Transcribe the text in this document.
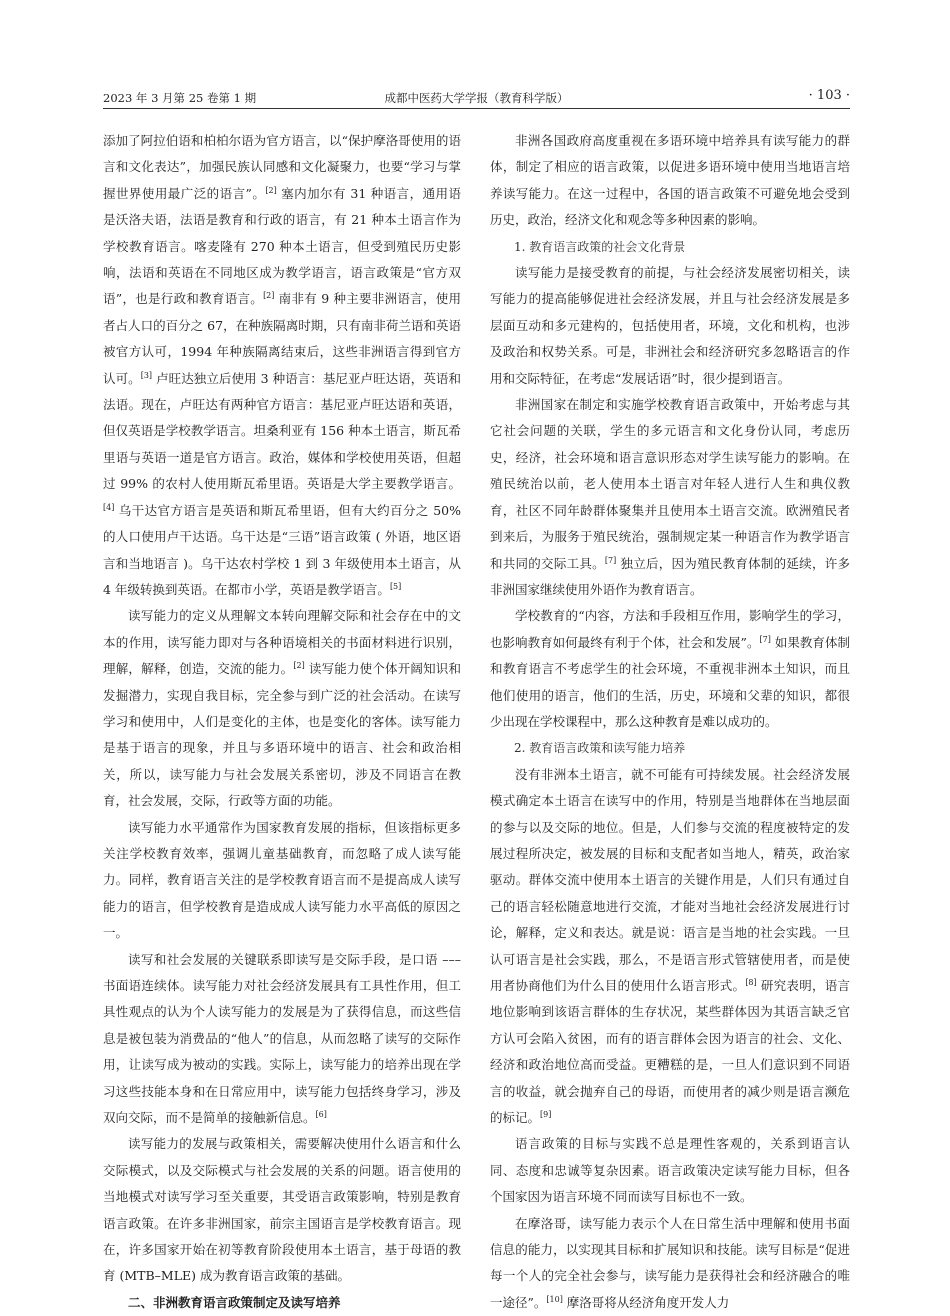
2023 年 3 月第 25 卷第 1 期	成都中医药大学学报（教育科学版）	· 103 ·

添加了阿拉伯语和柏柏尔语为官方语言，以“保护摩洛哥使用的语言和文化表达”，加强民族认同感和文化凝聚力，也要“学习与掌握世界使用最广泛的语言”。[2] 塞内加尔有 31 种语言，通用语是沃洛夫语，法语是教育和行政的语言，有 21 种本土语言作为学校教育语言。喀麦隆有 270 种本土语言，但受到殖民历史影响，法语和英语在不同地区成为教学语言，语言政策是“官方双语”，也是行政和教育语言。[2] 南非有 9 种主要非洲语言，使用者占人口的百分之 67，在种族隔离时期，只有南非荷兰语和英语被官方认可，1994 年种族隔离结束后，这些非洲语言得到官方认可。[3] 卢旺达独立后使用 3 种语言：基尼亚卢旺达语，英语和法语。现在，卢旺达有两种官方语言：基尼亚卢旺达语和英语，但仅英语是学校教学语言。坦桑利亚有 156 种本土语言，斯瓦希里语与英语一道是官方语言。政治，媒体和学校使用英语，但超过 99% 的农村人使用斯瓦希里语。英语是大学主要教学语言。[4] 乌干达官方语言是英语和斯瓦希里语，但有大约百分之 50% 的人口使用卢干达语。乌干达是“三语”语言政策 ( 外语，地区语言和当地语言 )。乌干达农村学校 1 到 3 年级使用本土语言，从 4 年级转换到英语。在都市小学，英语是教学语言。[5]

读写能力的定义从理解文本转向理解交际和社会存在中的文本的作用，读写能力即对与各种语境相关的书面材料进行识别，理解，解释，创造，交流的能力。[2] 读写能力使个体开阔知识和发掘潜力，实现自我目标，完全参与到广泛的社会活动。在读写学习和使用中，人们是变化的主体，也是变化的客体。读写能力是基于语言的现象，并且与多语环境中的语言、社会和政治相关，所以，读写能力与社会发展关系密切，涉及不同语言在教育，社会发展，交际，行政等方面的功能。

读写能力水平通常作为国家教育发展的指标，但该指标更多关注学校教育效率，强调儿童基础教育，而忽略了成人读写能力。同样，教育语言关注的是学校教育语言而不是提高成人读写能力的语言，但学校教育是造成成人读写能力水平高低的原因之一。

读写和社会发展的关键联系即读写是交际手段，是口语 ––– 书面语连续体。读写能力对社会经济发展具有工具性作用，但工具性观点的认为个人读写能力的发展是为了获得信息，而这些信息是被包装为消费品的“他人”的信息，从而忽略了读写的交际作用，让读写成为被动的实践。实际上，读写能力的培养出现在学习这些技能本身和在日常应用中，读写能力包括终身学习，涉及双向交际，而不是简单的接触新信息。[6]

读写能力的发展与政策相关，需要解决使用什么语言和什么交际模式，以及交际模式与社会发展的关系的问题。语言使用的当地模式对读写学习至关重要，其受语言政策影响，特别是教育语言政策。在许多非洲国家，前宗主国语言是学校教育语言。现在，许多国家开始在初等教育阶段使用本土语言，基于母语的教育 (MTB–MLE) 成为教育语言政策的基础。

二、非洲教育语言政策制定及读写培养

非洲各国政府高度重视在多语环境中培养具有读写能力的群体，制定了相应的语言政策，以促进多语环境中使用当地语言培养读写能力。在这一过程中，各国的语言政策不可避免地会受到历史，政治，经济文化和观念等多种因素的影响。

1. 教育语言政策的社会文化背景

读写能力是接受教育的前提，与社会经济发展密切相关，读写能力的提高能够促进社会经济发展，并且与社会经济发展是多层面互动和多元建构的，包括使用者，环境，文化和机构，也涉及政治和权势关系。可是，非洲社会和经济研究多忽略语言的作用和交际特征，在考虑“发展话语”时，很少提到语言。

非洲国家在制定和实施学校教育语言政策中，开始考虑与其它社会问题的关联，学生的多元语言和文化身份认同，考虑历史，经济，社会环境和语言意识形态对学生读写能力的影响。在殖民统治以前，老人使用本土语言对年轻人进行人生和典仪教育，社区不同年龄群体聚集并且使用本土语言交流。欧洲殖民者到来后，为服务于殖民统治，强制规定某一种语言作为教学语言和共同的交际工具。[7] 独立后，因为殖民教育体制的延续，许多非洲国家继续使用外语作为教育语言。

学校教育的“内容，方法和手段相互作用，影响学生的学习，也影响教育如何最终有利于个体，社会和发展”。[7] 如果教育体制和教育语言不考虑学生的社会环境，不重视非洲本土知识，而且他们使用的语言，他们的生活，历史，环境和父辈的知识，都很少出现在学校课程中，那么这种教育是难以成功的。

2. 教育语言政策和读写能力培养

没有非洲本土语言，就不可能有可持续发展。社会经济发展模式确定本土语言在读写中的作用，特别是当地群体在当地层面的参与以及交际的地位。但是，人们参与交流的程度被特定的发展过程所决定，被发展的目标和支配者如当地人，精英，政治家驱动。群体交流中使用本土语言的关键作用是，人们只有通过自己的语言轻松随意地进行交流，才能对当地社会经济发展进行讨论，解释，定义和表达。就是说：语言是当地的社会实践。一旦认可语言是社会实践，那么，不是语言形式管辖使用者，而是使用者协商他们为什么目的使用什么语言形式。[8] 研究表明，语言地位影响到该语言群体的生存状况，某些群体因为其语言缺乏官方认可会陷入贫困，而有的语言群体会因为语言的社会、文化、经济和政治地位高而受益。更糟糕的是，一旦人们意识到不同语言的收益，就会抛弃自己的母语，而使用者的减少则是语言濒危的标记。[9]

语言政策的目标与实践不总是理性客观的，关系到语言认同、态度和忠诚等复杂因素。语言政策决定读写能力目标，但各个国家因为语言环境不同而读写目标也不一致。

在摩洛哥，读写能力表示个人在日常生活中理解和使用书面信息的能力，以实现其目标和扩展知识和技能。读写目标是“促进每一个人的完全社会参与，读写能力是获得社会和经济融合的唯一途径”。[10] 摩洛哥将从经济角度开发人力
